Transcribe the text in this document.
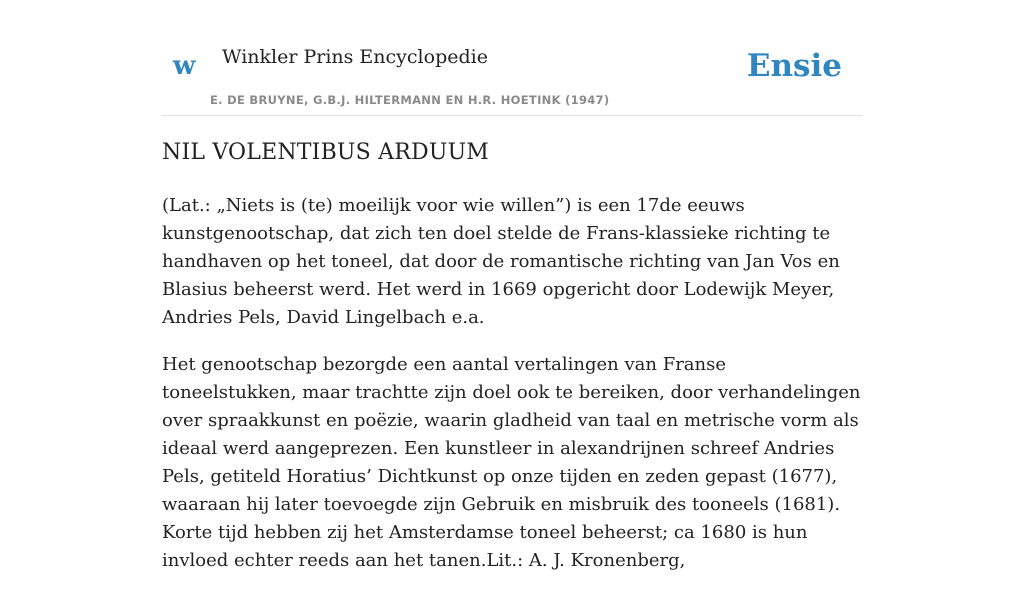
w Winkler Prins Encyclopedie
E. DE BRUYNE, G.B.J. HILTERMANN EN H.R. HOETINK (1947)
Ensie
NIL VOLENTIBUS ARDUUM

(Lat.: „Niets is (te) moeilijk voor wie willen”) is een 17de eeuws kunstgenootschap, dat zich ten doel stelde de Frans-klassieke richting te handhaven op het toneel, dat door de romantische richting van Jan Vos en Blasius beheerst werd. Het werd in 1669 opgericht door Lodewijk Meyer, Andries Pels, David Lingelbach e.a.

Het genootschap bezorgde een aantal vertalingen van Franse toneelstukken, maar trachtte zijn doel ook te bereiken, door verhandelingen over spraakkunst en poëzie, waarin gladheid van taal en metrische vorm als ideaal werd aangeprezen. Een kunstleer in alexandrijnen schreef Andries Pels, getiteld Horatius’ Dichtkunst op onze tijden en zeden gepast (1677), waaraan hij later toevoegde zijn Gebruik en misbruik des tooneels (1681). Korte tijd hebben zij het Amsterdamse toneel beheerst; ca 1680 is hun invloed echter reeds aan het tanen.Lit.: A. J. Kronenberg,
